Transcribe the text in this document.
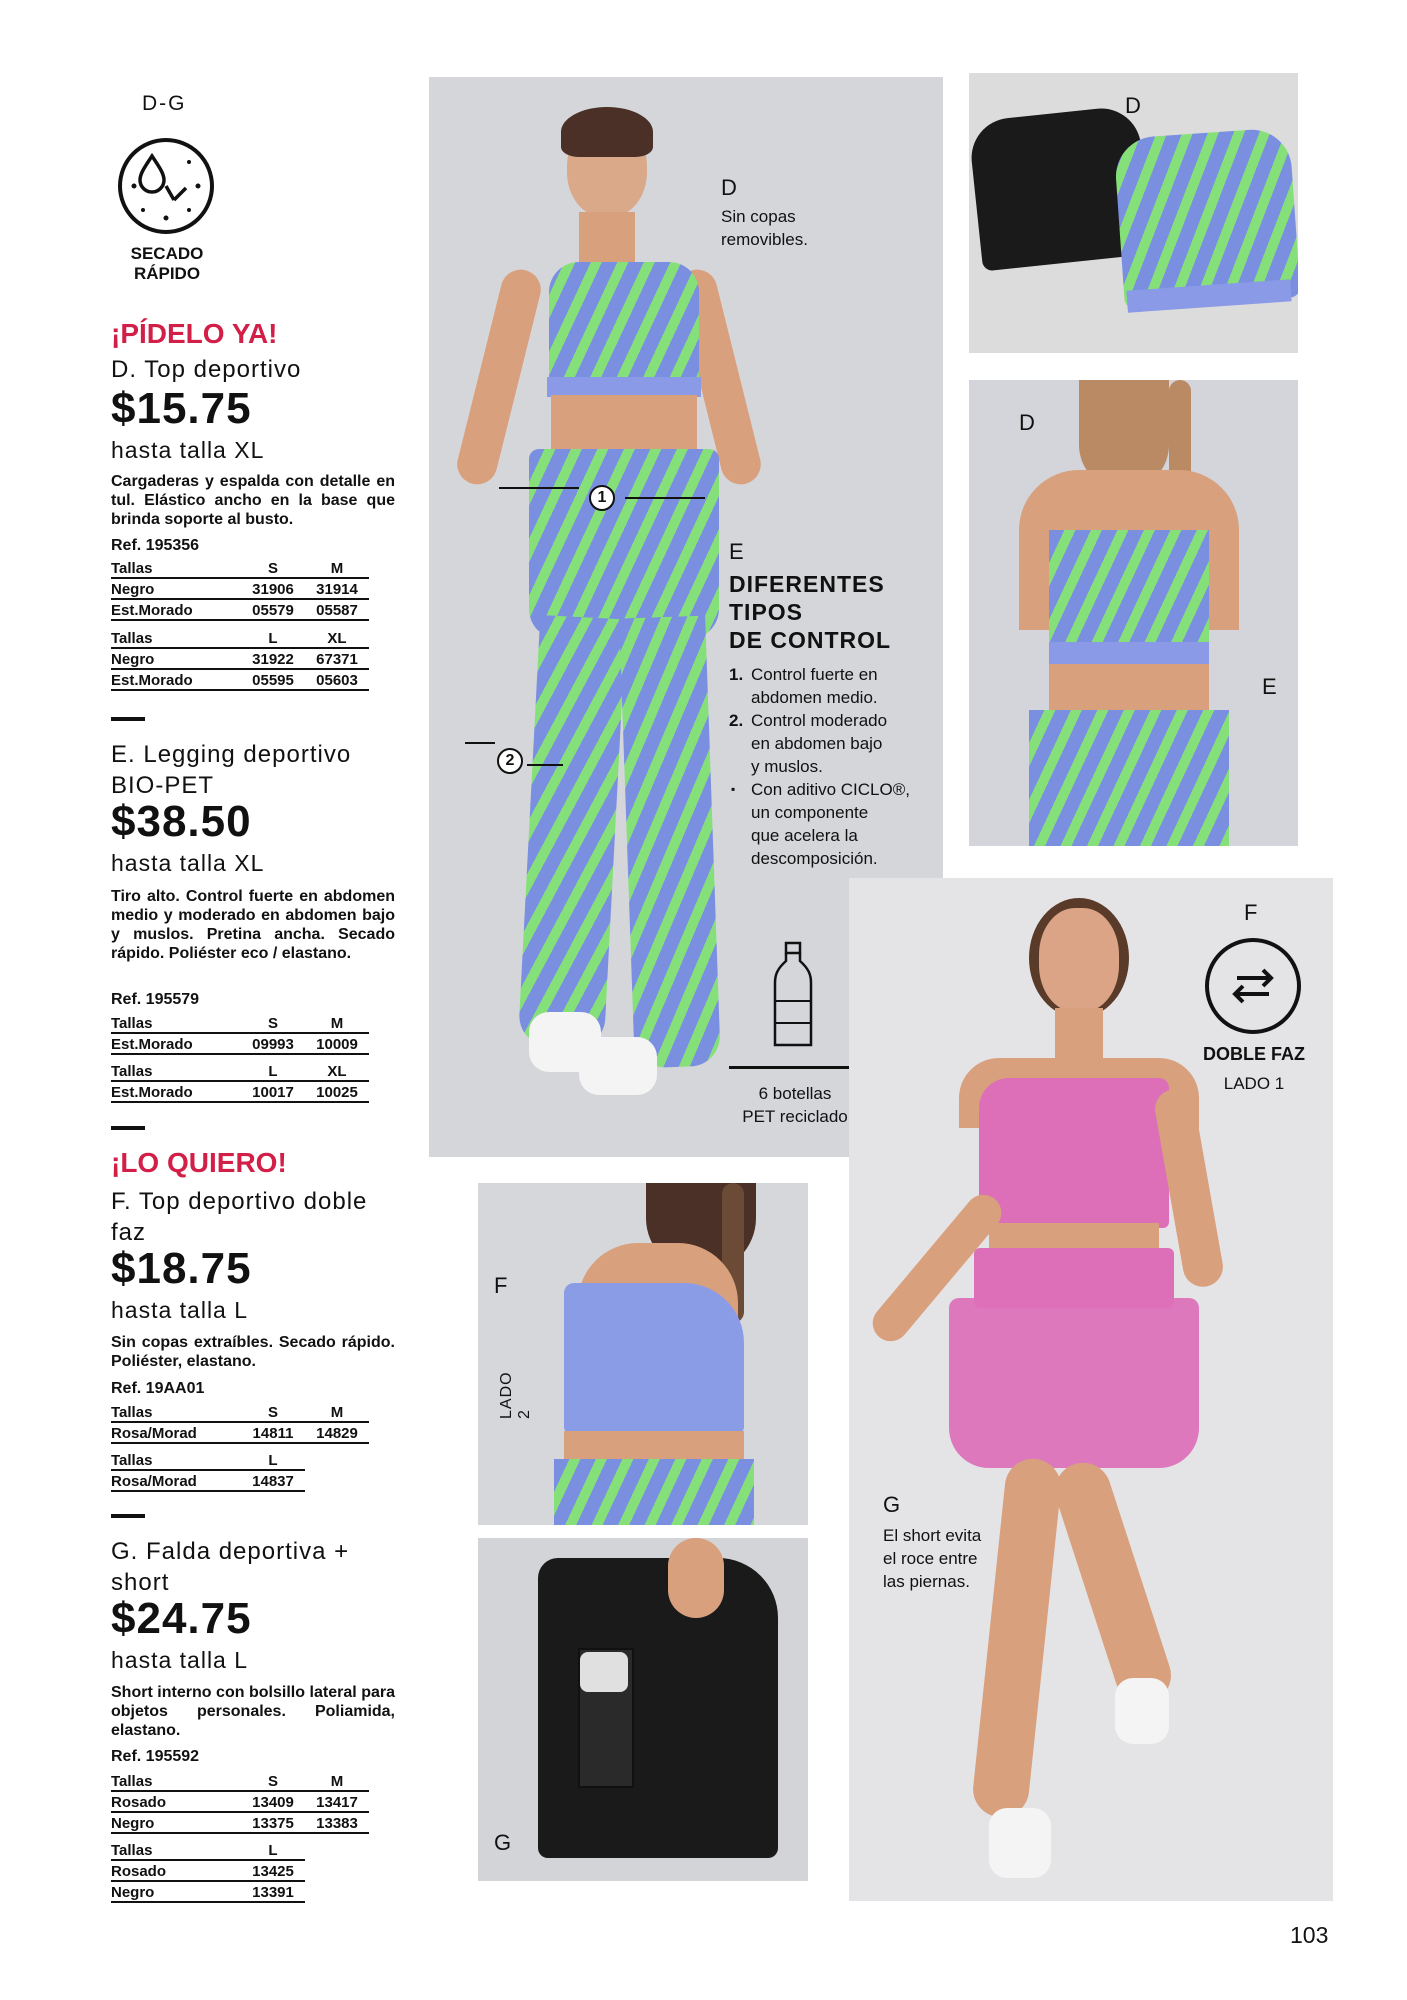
D-G
SECADO
RÁPIDO
¡PÍDELO YA!
D. Top deportivo
$15.75
hasta talla XL
Cargaderas y espalda con detalle en tul. Elástico ancho en la base que brinda soporte al busto.
Ref. 195356
Tallas	S	M
Negro	31906	31914
Est.Morado	05579	05587
Tallas	L	XL
Negro	31922	67371
Est.Morado	05595	05603
E. Legging deportivo
BIO-PET
$38.50
hasta talla XL
Tiro alto. Control fuerte en abdomen medio y moderado en abdomen bajo y muslos. Pretina ancha. Secado rápido. Poliéster eco / elastano.
Ref. 195579
Tallas	S	M
Est.Morado	09993	10009
Tallas	L	XL
Est.Morado	10017	10025
¡LO QUIERO!
F. Top deportivo doble
faz
$18.75
hasta talla L
Sin copas extraíbles. Secado rápido. Poliéster, elastano.
Ref. 19AA01
Tallas	S	M
Rosa/Morad	14811	14829
Tallas	L
Rosa/Morad	14837
G. Falda deportiva +
short
$24.75
hasta talla L
Short interno con bolsillo lateral para objetos personales. Poliamida, elastano.
Ref. 195592
Tallas	S	M
Rosado	13409	13417
Negro	13375	13383
Tallas	L
Rosado	13425
Negro	13391
1
2
D
Sin copas
removibles.
E
DIFERENTES
TIPOS
DE CONTROL
1. Control fuerte en
abdomen medio.
2. Control moderado
en abdomen bajo
y muslos.
▪ Con aditivo CICLO®,
un componente
que acelera la
descomposición.
6 botellas
PET reciclado
D
D
E
F
LADO 2
G
F
DOBLE FAZ
LADO 1
G
El short evita
el roce entre
las piernas.
103
